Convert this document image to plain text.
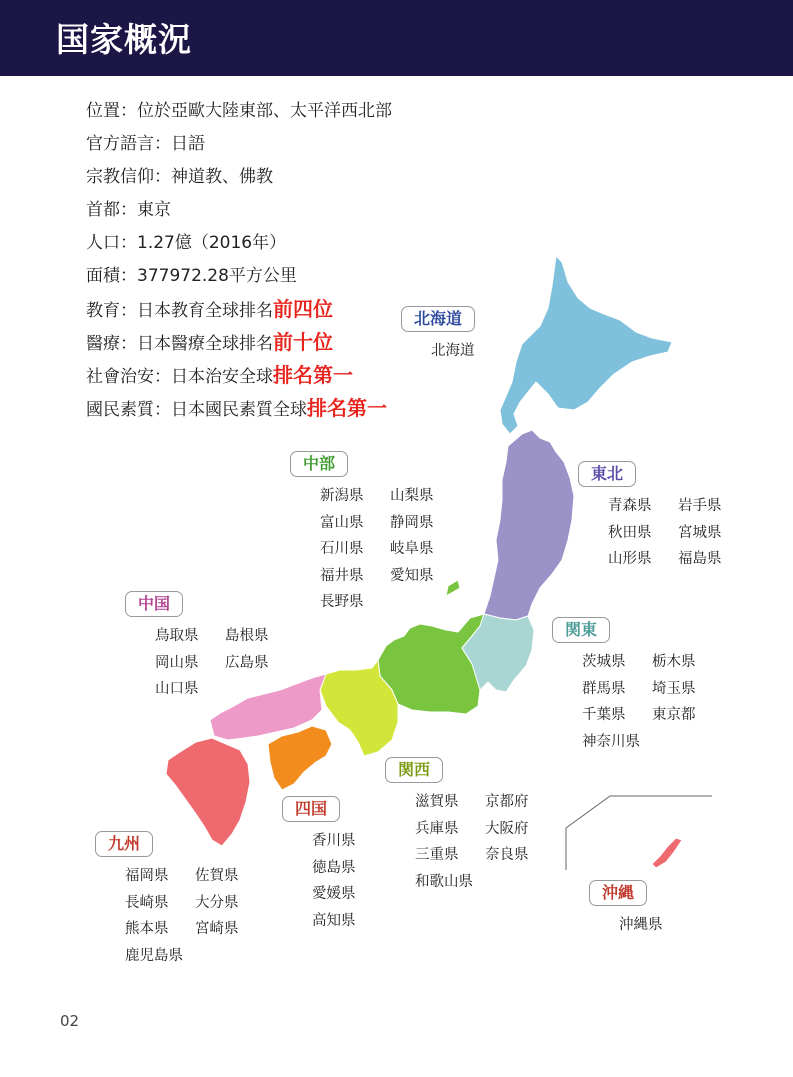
国家概況
位置：位於亞歐大陸東部、太平洋西北部
官方語言：日語
宗教信仰：神道教、佛教
首都：東京
人口：1.27億（2016年）
面積：377972.28平方公里
教育：日本教育全球排名前四位
醫療：日本醫療全球排名前十位
社會治安：日本治安全球排名第一
國民素質：日本國民素質全球排名第一
北海道
北海道
東北
青森県	岩手県
秋田県	宮城県
山形県	福島県
関東
茨城県	栃木県
群馬県	埼玉県
千葉県	東京都
神奈川県
中部
新潟県	山梨県
富山県	静岡県
石川県	岐阜県
福井県	愛知県
長野県
関西
滋賀県	京都府
兵庫県	大阪府
三重県	奈良県
和歌山県
中国
鳥取県	島根県
岡山県	広島県
山口県
四国
香川県
徳島県
愛媛県
高知県
九州
福岡県	佐賀県
長崎県	大分県
熊本県	宮崎県
鹿児島県
沖縄
沖縄県
02
